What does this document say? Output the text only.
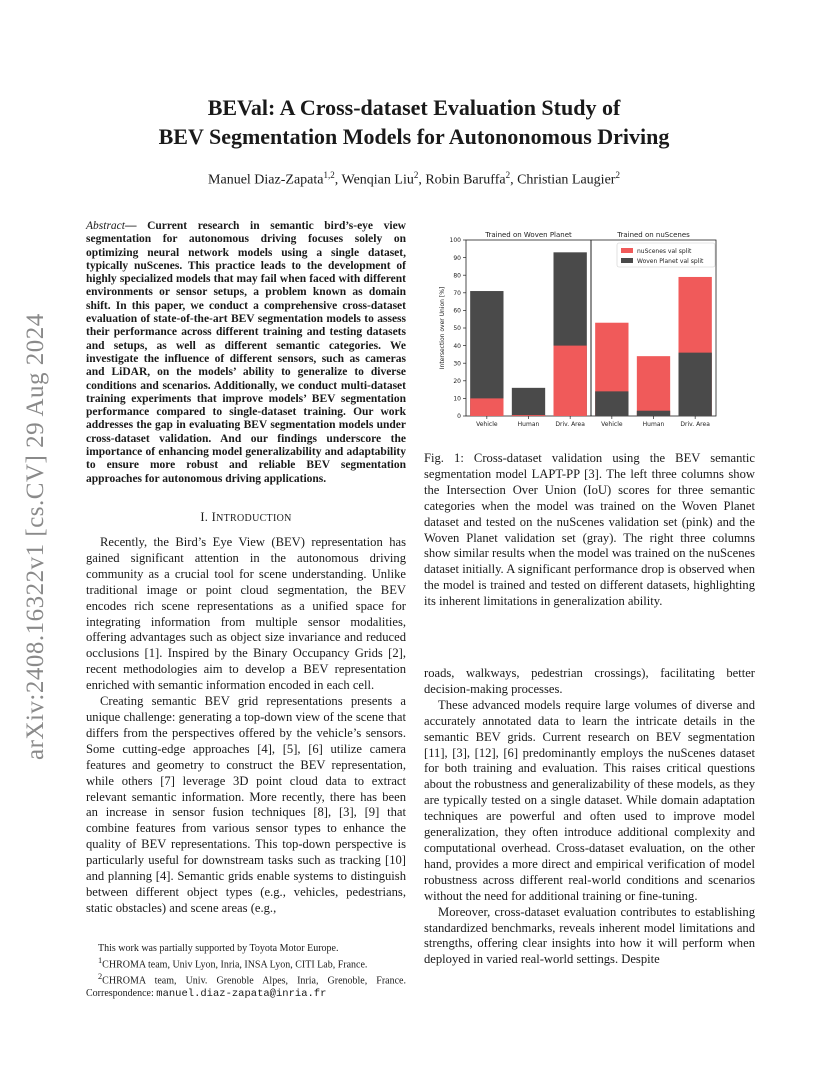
BEVal: A Cross-dataset Evaluation Study of
BEV Segmentation Models for Autononomous Driving
Manuel Diaz-Zapata$^{1,2}$, Wenqian Liu$^2$, Robin Baruffa$^2$, Christian Laugier$^2$
arXiv:2408.16322v1 [cs.CV] 29 Aug 2024
Abstract— Current research in semantic bird’s-eye view segmentation for autonomous driving focuses solely on optimizing neural network models using a single dataset, typically nuScenes. This practice leads to the development of highly specialized models that may fail when faced with different environments or sensor setups, a problem known as domain shift. In this paper, we conduct a comprehensive cross-dataset evaluation of state-of-the-art BEV segmentation models to assess their performance across different training and testing datasets and setups, as well as different semantic categories. We investigate the influence of different sensors, such as cameras and LiDAR, on the models’ ability to generalize to diverse conditions and scenarios. Additionally, we conduct multi-dataset training experiments that improve models’ BEV segmentation performance compared to single-dataset training. Our work addresses the gap in evaluating BEV segmentation models under cross-dataset validation. And our findings underscore the importance of enhancing model generalizability and adaptability to ensure more robust and reliable BEV segmentation approaches for autonomous driving applications.
I. INTRODUCTION

Recently, the Bird’s Eye View (BEV) representation has gained significant attention in the autonomous driving community as a crucial tool for scene understanding. Unlike traditional image or point cloud segmentation, the BEV encodes rich scene representations as a unified space for integrating information from multiple sensor modalities, offering advantages such as object size invariance and reduced occlusions [1]. Inspired by the Binary Occupancy Grids [2], recent methodologies aim to develop a BEV representation enriched with semantic information encoded in each cell.

Creating semantic BEV grid representations presents a unique challenge: generating a top-down view of the scene that differs from the perspectives offered by the vehicle’s sensors. Some cutting-edge approaches [4], [5], [6] utilize camera features and geometry to construct the BEV representation, while others [7] leverage 3D point cloud data to extract relevant semantic information. More recently, there has been an increase in sensor fusion techniques [8], [3], [9] that combine features from various sensor types to enhance the quality of BEV representations. This top-down perspective is particularly useful for downstream tasks such as tracking [10] and planning [4]. Semantic grids enable systems to distinguish between different object types (e.g., vehicles, pedestrians, static obstacles) and scene areas (e.g.,

This work was partially supported by Toyota Motor Europe.

$^1$CHROMA team, Univ Lyon, Inria, INSA Lyon, CITI Lab, France.

$^2$CHROMA team, Univ. Grenoble Alpes, Inria, Grenoble, France. Correspondence: manuel.diaz-zapata@inria.fr

0
10
20
30
40
50
60
70
80
90
100
Intersection over Union [%]
Trained on Woven Planet
Vehicle	Human	Driv. Area
Trained on nuScenes
Vehicle	Human	Driv. Area
nuScenes val split
Woven Planet val split
Fig. 1: Cross-dataset validation using the BEV semantic segmentation model LAPT-PP [3]. The left three columns show the Intersection Over Union (IoU) scores for three semantic categories when the model was trained on the Woven Planet dataset and tested on the nuScenes validation set (pink) and the Woven Planet validation set (gray). The right three columns show similar results when the model was trained on the nuScenes dataset initially. A significant performance drop is observed when the model is trained and tested on different datasets, highlighting its inherent limitations in generalization ability.

roads, walkways, pedestrian crossings), facilitating better decision-making processes.

These advanced models require large volumes of diverse and accurately annotated data to learn the intricate details in the semantic BEV grids. Current research on BEV segmentation [11], [3], [12], [6] predominantly employs the nuScenes dataset for both training and evaluation. This raises critical questions about the robustness and generalizability of these models, as they are typically tested on a single dataset. While domain adaptation techniques are powerful and often used to improve model generalization, they often introduce additional complexity and computational overhead. Cross-dataset evaluation, on the other hand, provides a more direct and empirical verification of model robustness across different real-world conditions and scenarios without the need for additional training or fine-tuning.

Moreover, cross-dataset evaluation contributes to establishing standardized benchmarks, reveals inherent model limitations and strengths, offering clear insights into how it will perform when deployed in varied real-world settings. Despite
